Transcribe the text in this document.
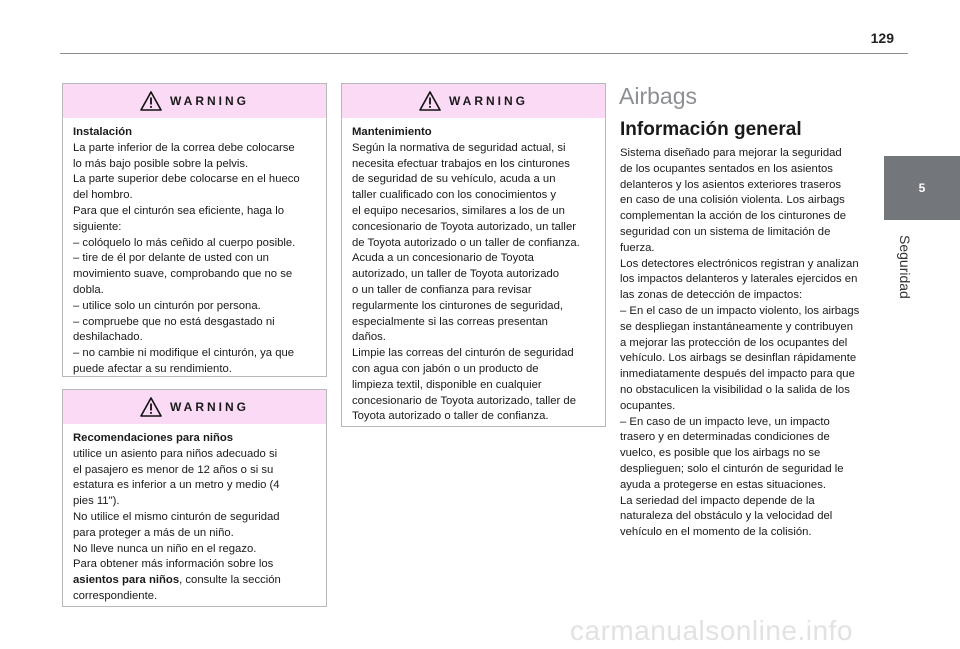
129
5
Seguridad
WARNING

Instalación

La parte inferior de la correa debe colocarse
lo más bajo posible sobre la pelvis.
La parte superior debe colocarse en el hueco
del hombro.
Para que el cinturón sea eficiente, haga lo
siguiente:
– colóquelo lo más ceñido al cuerpo posible.
– tire de él por delante de usted con un
movimiento suave, comprobando que no se
dobla.
– utilice solo un cinturón por persona.
– compruebe que no está desgastado ni
deshilachado.
– no cambie ni modifique el cinturón, ya que
puede afectar a su rendimiento.

WARNING

Recomendaciones para niños

utilice un asiento para niños adecuado si
el pasajero es menor de 12 años o si su
estatura es inferior a un metro y medio (4
pies 11").
No utilice el mismo cinturón de seguridad
para proteger a más de un niño.
No lleve nunca un niño en el regazo.
Para obtener más información sobre los
asientos para niños, consulte la sección
correspondiente.

WARNING

Mantenimiento

Según la normativa de seguridad actual, si
necesita efectuar trabajos en los cinturones
de seguridad de su vehículo, acuda a un
taller cualificado con los conocimientos y
el equipo necesarios, similares a los de un
concesionario de Toyota autorizado, un taller
de Toyota autorizado o un taller de confianza.
Acuda a un concesionario de Toyota
autorizado, un taller de Toyota autorizado
o un taller de confianza para revisar
regularmente los cinturones de seguridad,
especialmente si las correas presentan
daños.
Limpie las correas del cinturón de seguridad
con agua con jabón o un producto de
limpieza textil, disponible en cualquier
concesionario de Toyota autorizado, taller de
Toyota autorizado o taller de confianza.

Airbags
Información general

Sistema diseñado para mejorar la seguridad
de los ocupantes sentados en los asientos
delanteros y los asientos exteriores traseros
en caso de una colisión violenta. Los airbags
complementan la acción de los cinturones de
seguridad con un sistema de limitación de
fuerza.
Los detectores electrónicos registran y analizan
los impactos delanteros y laterales ejercidos en
las zonas de detección de impactos:
– En el caso de un impacto violento, los airbags
se despliegan instantáneamente y contribuyen
a mejorar las protección de los ocupantes del
vehículo. Los airbags se desinflan rápidamente
inmediatamente después del impacto para que
no obstaculicen la visibilidad o la salida de los
ocupantes.
– En caso de un impacto leve, un impacto
trasero y en determinadas condiciones de
vuelco, es posible que los airbags no se
desplieguen; solo el cinturón de seguridad le
ayuda a protegerse en estas situaciones.
La seriedad del impacto depende de la
naturaleza del obstáculo y la velocidad del
vehículo en el momento de la colisión.

carmanualsonline.info
